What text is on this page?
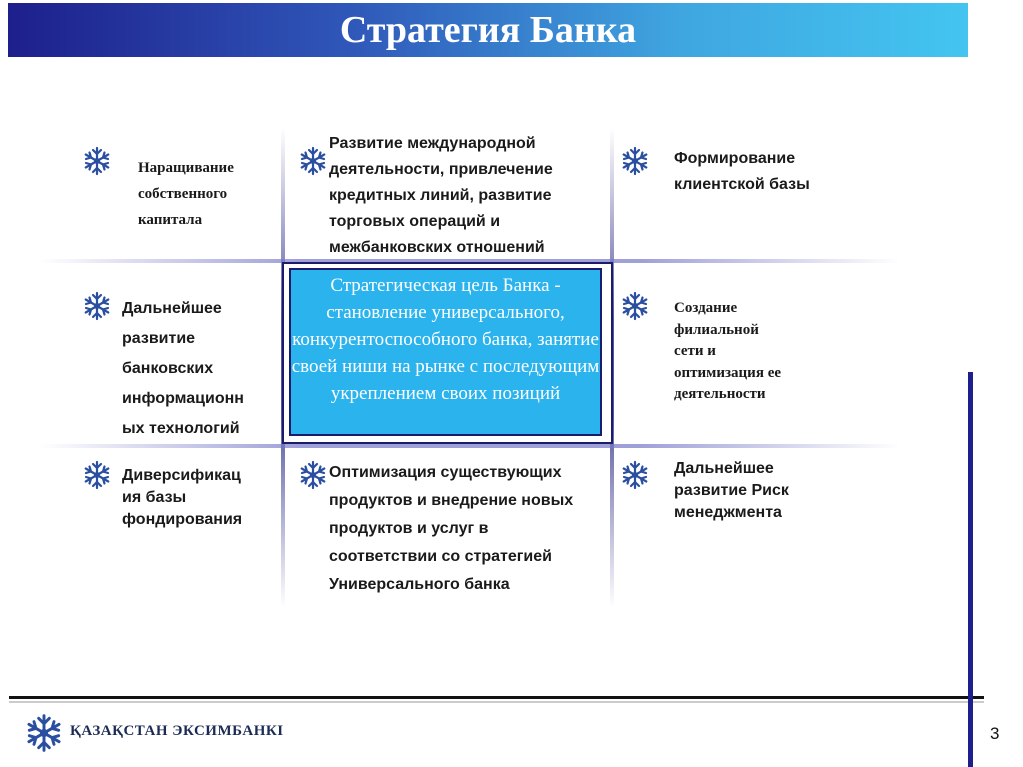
Стратегия Банка
Стратегическая цель Банка - становление универсального, конкурентоспособного банка, занятие своей ниши на рынке с последующим укреплением своих позиций
Наращивание
собственного
капитала
Развитие международной
деятельности, привлечение
кредитных линий, развитие
торговых операций и
межбанковских отношений
Формирование
клиентской базы
Дальнейшее
развитие
банковских
информационн
ых технологий
Создание
филиальной
сети и
оптимизация ее
деятельности
Диверсификац
ия базы
фондирования
Оптимизация существующих
продуктов и внедрение новых
продуктов и услуг в
соответствии со стратегией
Универсального банка
Дальнейшее
развитие Риск
менеджмента
ҚАЗАҚСТАН ЭКСИМБАНКІ	3
